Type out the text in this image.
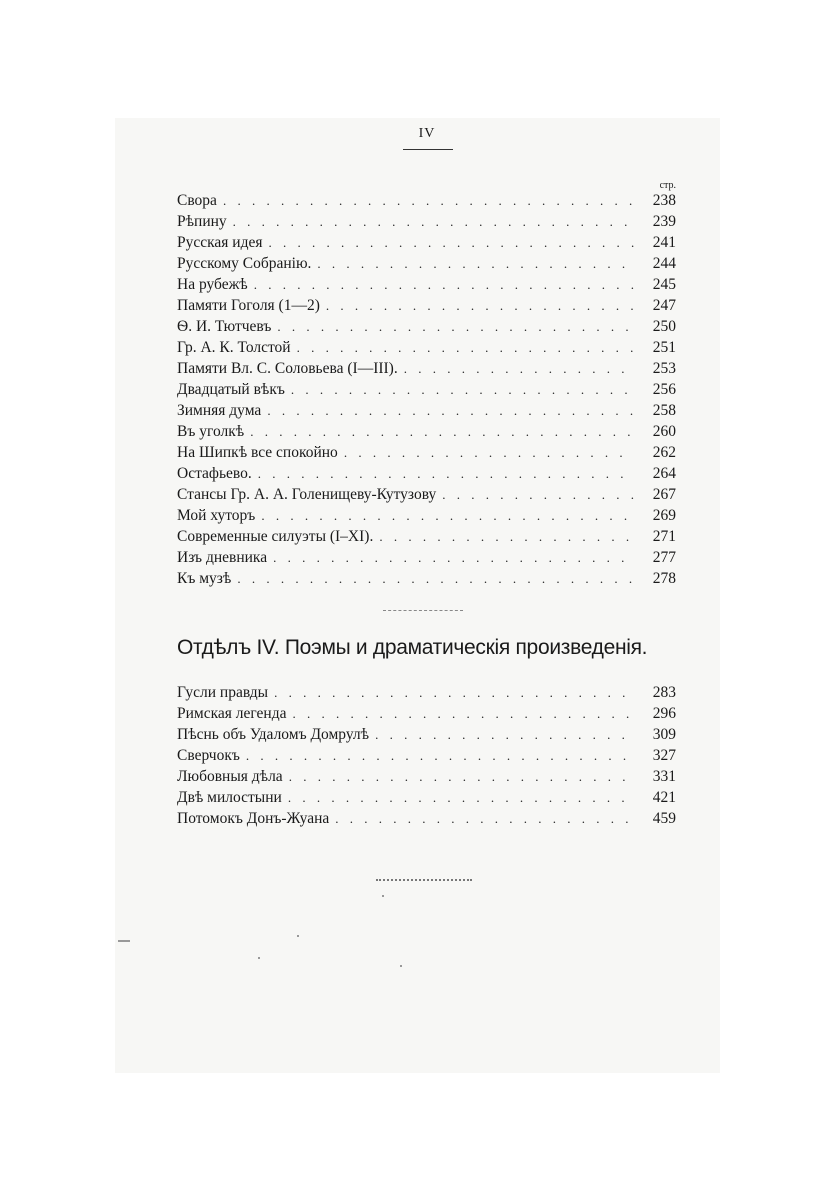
IV
стр.
Свора . . .	238
Рѣпину . . .	239
Русская идея . . .	241
Русскому Собранію. . . .	244
На рубежѣ . . .	245
Памяти Гоголя (1—2) . . .	247
Ѳ. И. Тютчевъ . . .	250
Гр. А. К. Толстой . . .	251
Памяти Вл. С. Соловьева (I—III). . . .	253
Двадцатый вѣкъ . . .	256
Зимняя дума . . .	258
Въ уголкѣ . . .	260
На Шипкѣ все спокойно . . .	262
Остафьево. . . .	264
Стансы Гр. А. А. Голенищеву-Кутузову . . .	267
Мой хуторъ . . .	269
Современные силуэты (I–XI). . . .	271
Изъ дневника . . .	277
Къ музѣ . . .	278
Отдѣлъ IV. Поэмы и драматическія произведенія.
Гусли правды . . .	283
Римская легенда . . .	296
Пѣснь объ Удаломъ Домрулѣ . . .	309
Сверчокъ . . .	327
Любовныя дѣла . . .	331
Двѣ милостыни . . .	421
Потомокъ Донъ-Жуана . . .	459
